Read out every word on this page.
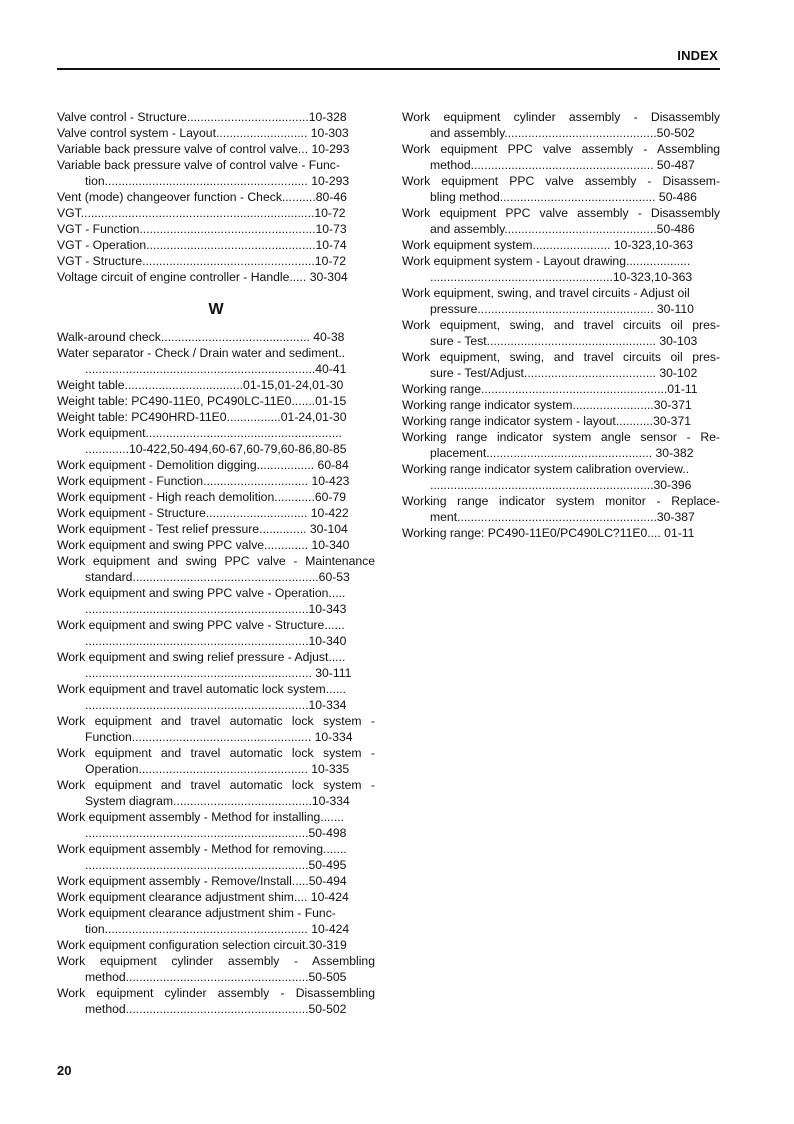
INDEX
Valve control - Structure....................................10-328
Valve control system - Layout........................... 10-303
Variable back pressure valve of control valve... 10-293
Variable back pressure valve of control valve - Func-
tion............................................................ 10-293
Vent (mode) changeover function - Check..........80-46
VGT.....................................................................10-72
VGT - Function....................................................10-73
VGT - Operation..................................................10-74
VGT - Structure...................................................10-72
Voltage circuit of engine controller - Handle..... 30-304
W
Walk-around check............................................ 40-38
Water separator - Check / Drain water and sediment..
....................................................................40-41
Weight table...................................01-15,01-24,01-30
Weight table: PC490-11E0, PC490LC-11E0.......01-15
Weight table: PC490HRD-11E0................01-24,01-30
Work equipment..........................................................
.............10-422,50-494,60-67,60-79,60-86,80-85
Work equipment - Demolition digging................. 60-84
Work equipment - Function............................... 10-423
Work equipment - High reach demolition............60-79
Work equipment - Structure.............................. 10-422
Work equipment - Test relief pressure.............. 30-104
Work equipment and swing PPC valve............. 10-340
Work equipment and swing PPC valve - Maintenance
standard.......................................................60-53
Work equipment and swing PPC valve - Operation.....
..................................................................10-343
Work equipment and swing PPC valve - Structure......
..................................................................10-340
Work equipment and swing relief pressure - Adjust.....
................................................................... 30-111
Work equipment and travel automatic lock system......
..................................................................10-334
Work equipment and travel automatic lock system -
Function..................................................... 10-334
Work equipment and travel automatic lock system -
Operation.................................................. 10-335
Work equipment and travel automatic lock system -
System diagram.........................................10-334
Work equipment assembly - Method for installing.......
..................................................................50-498
Work equipment assembly - Method for removing.......
..................................................................50-495
Work equipment assembly - Remove/Install.....50-494
Work equipment clearance adjustment shim.... 10-424
Work equipment clearance adjustment shim - Func-
tion............................................................ 10-424
Work equipment configuration selection circuit.30-319
Work equipment cylinder assembly - Assembling
method......................................................50-505
Work equipment cylinder assembly - Disassembling
method......................................................50-502
Work equipment cylinder assembly - Disassembly
and assembly.............................................50-502
Work equipment PPC valve assembly - Assembling
method...................................................... 50-487
Work equipment PPC valve assembly - Disassem-
bling method.............................................. 50-486
Work equipment PPC valve assembly - Disassembly
and assembly.............................................50-486
Work equipment system....................... 10-323,10-363
Work equipment system - Layout drawing...................
......................................................10-323,10-363
Work equipment, swing, and travel circuits - Adjust oil
pressure.................................................... 30-110
Work equipment, swing, and travel circuits oil pres-
sure - Test.................................................. 30-103
Work equipment, swing, and travel circuits oil pres-
sure - Test/Adjust....................................... 30-102
Working range.......................................................01-11
Working range indicator system........................30-371
Working range indicator system - layout...........30-371
Working range indicator system angle sensor - Re-
placement................................................. 30-382
Working range indicator system calibration overview..
..................................................................30-396
Working range indicator system monitor - Replace-
ment...........................................................30-387
Working range: PC490-11E0/PC490LC?11E0.... 01-11
20
